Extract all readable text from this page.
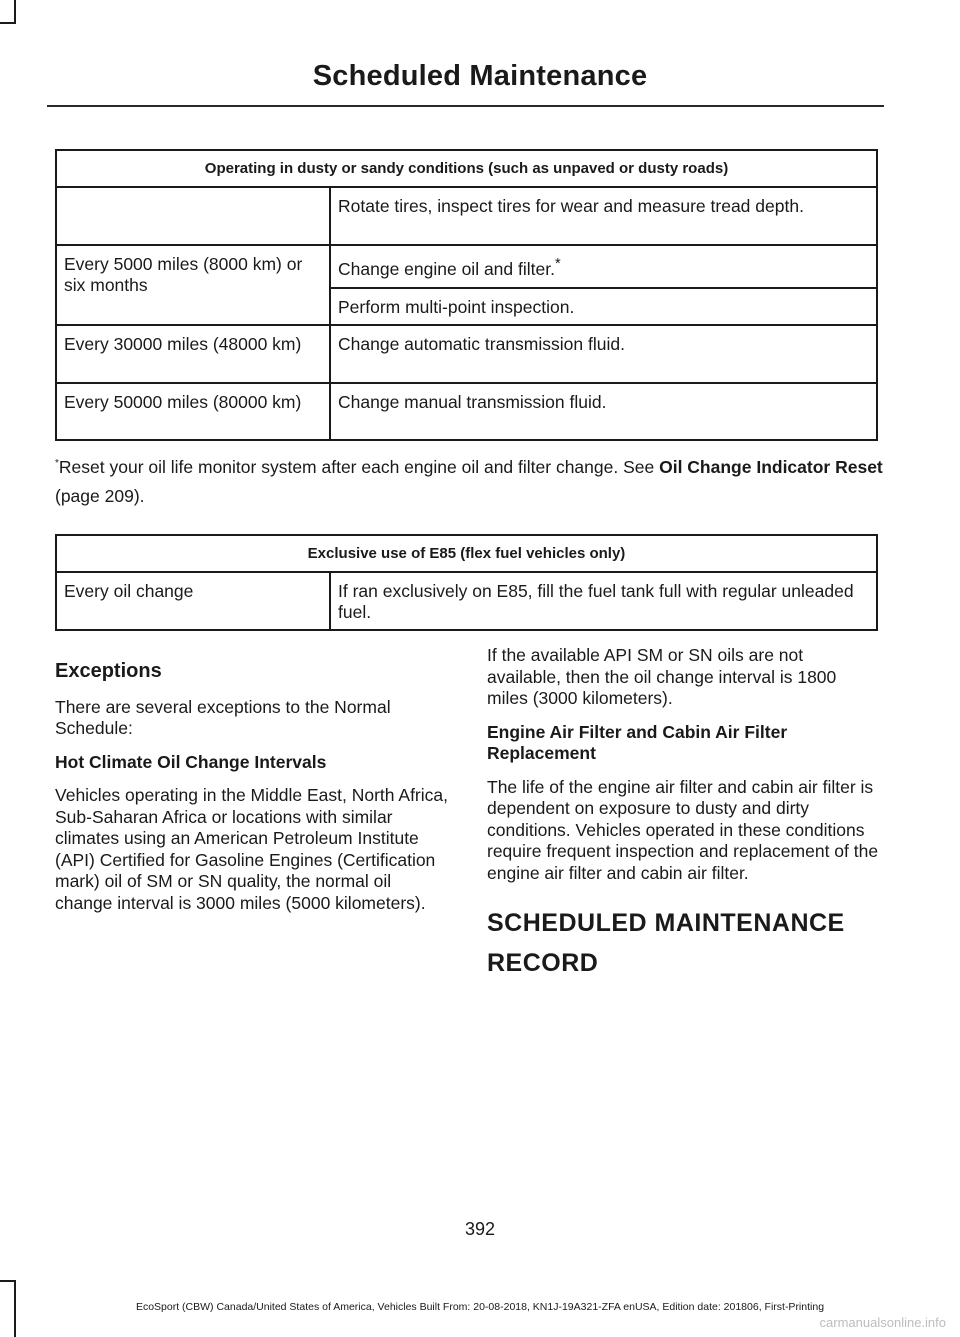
Scheduled Maintenance
Operating in dusty or sandy conditions (such as unpaved or dusty roads)	
	Rotate tires, inspect tires for wear and measure tread depth.
Every 5000 miles (8000 km) or six months	Change engine oil and filter.*
	Perform multi-point inspection.
Every 30000 miles (48000 km)	Change automatic transmission fluid.
Every 50000 miles (80000 km)	Change manual transmission fluid.
*Reset your oil life monitor system after each engine oil and filter change. See Oil Change Indicator Reset (page 209).
Exclusive use of E85 (flex fuel vehicles only)
Every oil change	If ran exclusively on E85, fill the fuel tank full with regular unleaded fuel.
Exceptions

There are several exceptions to the Normal Schedule:

Hot Climate Oil Change Intervals

Vehicles operating in the Middle East, North Africa, Sub-Saharan Africa or locations with similar climates using an American Petroleum Institute (API) Certified for Gasoline Engines (Certification mark) oil of SM or SN quality, the normal oil change interval is 3000 miles (5000 kilometers).

If the available API SM or SN oils are not available, then the oil change interval is 1800 miles (3000 kilometers).

Engine Air Filter and Cabin Air Filter Replacement

The life of the engine air filter and cabin air filter is dependent on exposure to dusty and dirty conditions. Vehicles operated in these conditions require frequent inspection and replacement of the engine air filter and cabin air filter.

SCHEDULED MAINTENANCE
RECORD
392
EcoSport (CBW) Canada/United States of America, Vehicles Built From: 20-08-2018, KN1J-19A321-ZFA enUSA, Edition date: 201806, First-Printing
carmanualsonline.info
